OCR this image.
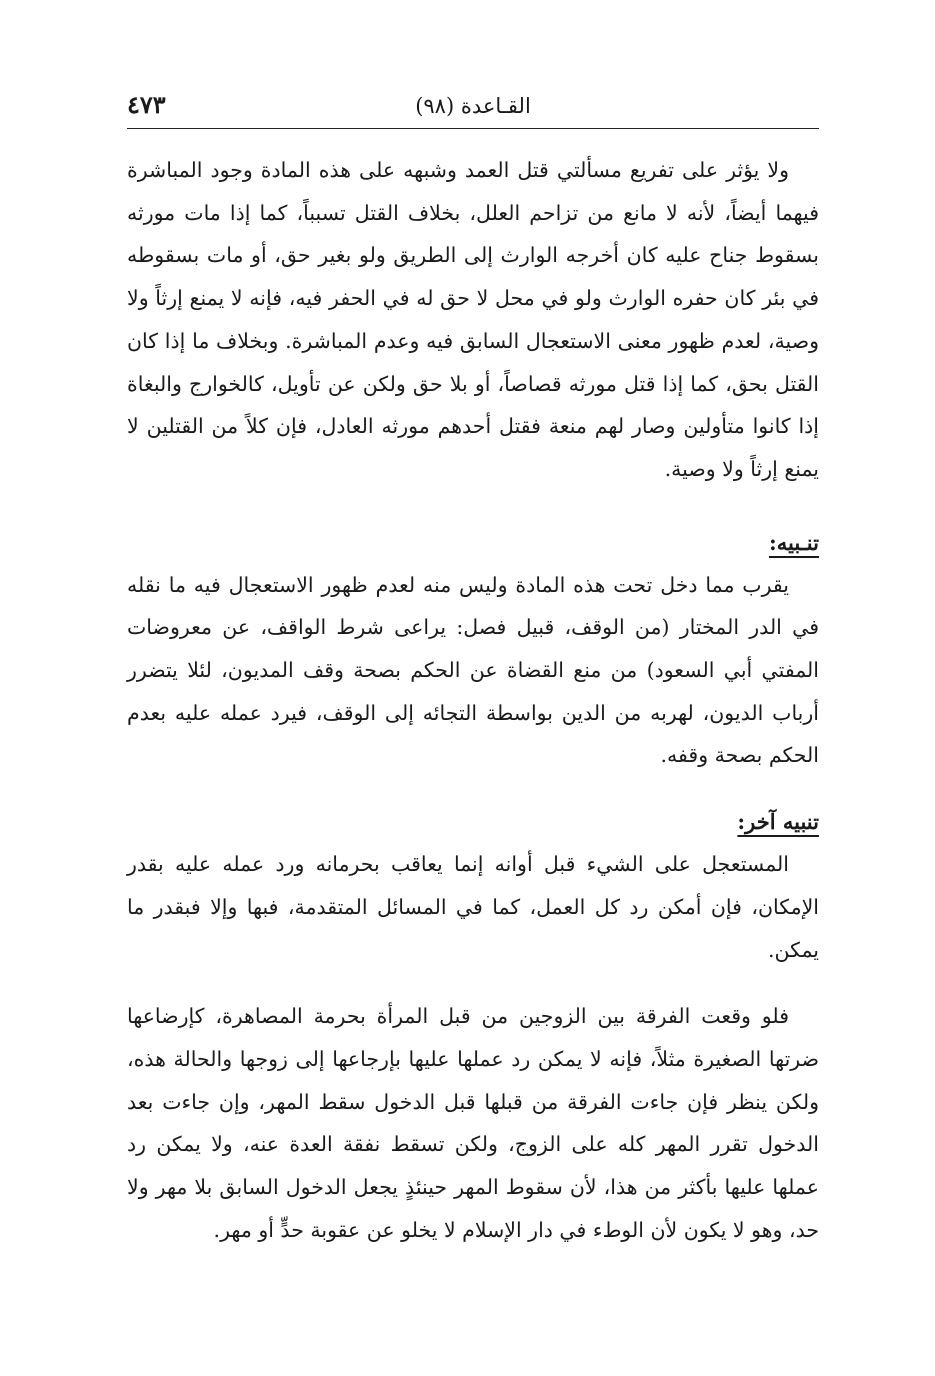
القـاعدة (٩٨)
٤٧٣

ولا يؤثر على تفريع مسألتي قتل العمد وشبهه على هذه المادة وجود المباشرة فيهما أيضاً، لأنه لا مانع من تزاحم العلل، بخلاف القتل تسبباً، كما إذا مات مورثه بسقوط جناح عليه كان أخرجه الوارث إلى الطريق ولو بغير حق، أو مات بسقوطه في بئر كان حفره الوارث ولو في محل لا حق له في الحفر فيه، فإنه لا يمنع إرثاً ولا وصية، لعدم ظهور معنى الاستعجال السابق فيه وعدم المباشرة. وبخلاف ما إذا كان القتل بحق، كما إذا قتل مورثه قصاصاً، أو بلا حق ولكن عن تأويل، كالخوارج والبغاة إذا كانوا متأولين وصار لهم منعة فقتل أحدهم مورثه العادل، فإن كلاً من القتلين لا يمنع إرثاً ولا وصية.

تنـبيه:

يقرب مما دخل تحت هذه المادة وليس منه لعدم ظهور الاستعجال فيه ما نقله في الدر المختار (من الوقف، قبيل فصل: يراعى شرط الواقف، عن معروضات المفتي أبي السعود) من منع القضاة عن الحكم بصحة وقف المديون، لئلا يتضرر أرباب الديون، لهربه من الدين بواسطة التجائه إلى الوقف، فيرد عمله عليه بعدم الحكم بصحة وقفه.

تنبيه آخر:

المستعجل على الشيء قبل أوانه إنما يعاقب بحرمانه ورد عمله عليه بقدر الإمكان، فإن أمكن رد كل العمل، كما في المسائل المتقدمة، فبها وإلا فبقدر ما يمكن.

فلو وقعت الفرقة بين الزوجين من قبل المرأة بحرمة المصاهرة، كإرضاعها ضرتها الصغيرة مثلاً، فإنه لا يمكن رد عملها عليها بإرجاعها إلى زوجها والحالة هذه، ولكن ينظر فإن جاءت الفرقة من قبلها قبل الدخول سقط المهر، وإن جاءت بعد الدخول تقرر المهر كله على الزوج، ولكن تسقط نفقة العدة عنه، ولا يمكن رد عملها عليها بأكثر من هذا، لأن سقوط المهر حينئذٍ يجعل الدخول السابق بلا مهر ولا حد، وهو لا يكون لأن الوطء في دار الإسلام لا يخلو عن عقوبة حدٍّ أو مهر.
